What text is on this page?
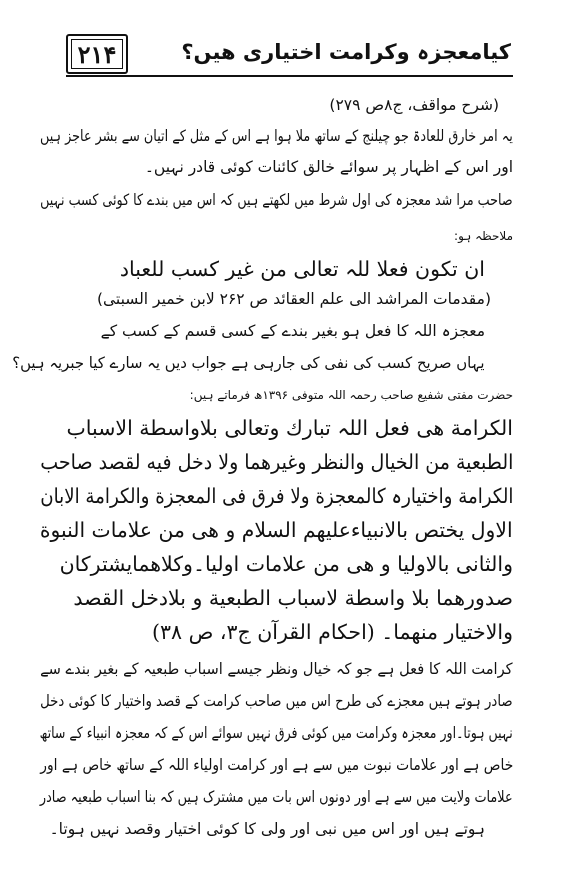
۲۱۴	کیامعجزہ وکرامت اختیاری ھیں؟
(شرح مواقف، ج۸ص ۲۷۹)
یہ امر خارق للعادۃ جو چیلنج کے ساتھ ملا ہوا ہے اس کے مثل کے اتیان سے بشر عاجز ہیں
اور اس کے اظہار پر سوائے خالق کائنات کوئی قادر نہیں۔
صاحب مرا شد معجزہ کی اول شرط میں لکھتے ہیں کہ اس میں بندے کا کوئی کسب نہیں
ملاحظہ ہو:
ان تکون فعلا للہ تعالی من غیر کسب للعباد
(مقدمات المراشد الی علم العقائد ص ۲۶۲ لابن خمیر السبتی)
معجزہ اللہ کا فعل ہو بغیر بندے کے کسی قسم کے کسب کے
یہاں صریح کسب کی نفی کی جارہی ہے جواب دیں یہ سارے کیا جبریہ ہیں؟
حضرت مفتی شفیع صاحب رحمہ اللہ متوفی ۱۳۹۶ھ فرماتے ہیں:
الکرامة ھی فعل اللہ تبارك وتعالی بلاواسطة الاسباب
الطبعیة من الخیال والنظر وغیرھما ولا دخل فیه لقصد صاحب
الکرامة واختیارہ کالمعجزة ولا فرق فی المعجزة والکرامة الابان
الاول یختص بالانبیاءعلیھم السلام و ھی من علامات النبوة
والثانی بالاولیا و ھی من علامات اولیا۔وکلاھمایشترکان
صدورھما بلا واسطة لاسباب الطبعیة و بلادخل القصد
والاختیار منھما۔ (احکام القرآن ج۳، ص ۳۸)
کرامت اللہ کا فعل ہے جو کہ خیال ونظر جیسے اسباب طبعیہ کے بغیر بندے سے
صادر ہوتے ہیں معجزے کی طرح اس میں صاحب کرامت کے قصد واختیار کا کوئی دخل
نہیں ہوتا۔اور معجزہ وکرامت میں کوئی فرق نہیں سوائے اس کے کہ معجزہ انبیاء کے ساتھ
خاص ہے اور علامات نبوت میں سے ہے اور کرامت اولیاء اللہ کے ساتھ خاص ہے اور
علامات ولایت میں سے ہے اور دونوں اس بات میں مشترک ہیں کہ بنا اسباب طبعیہ صادر
ہوتے ہیں اور اس میں نبی اور ولی کا کوئی اختیار وقصد نہیں ہوتا۔
